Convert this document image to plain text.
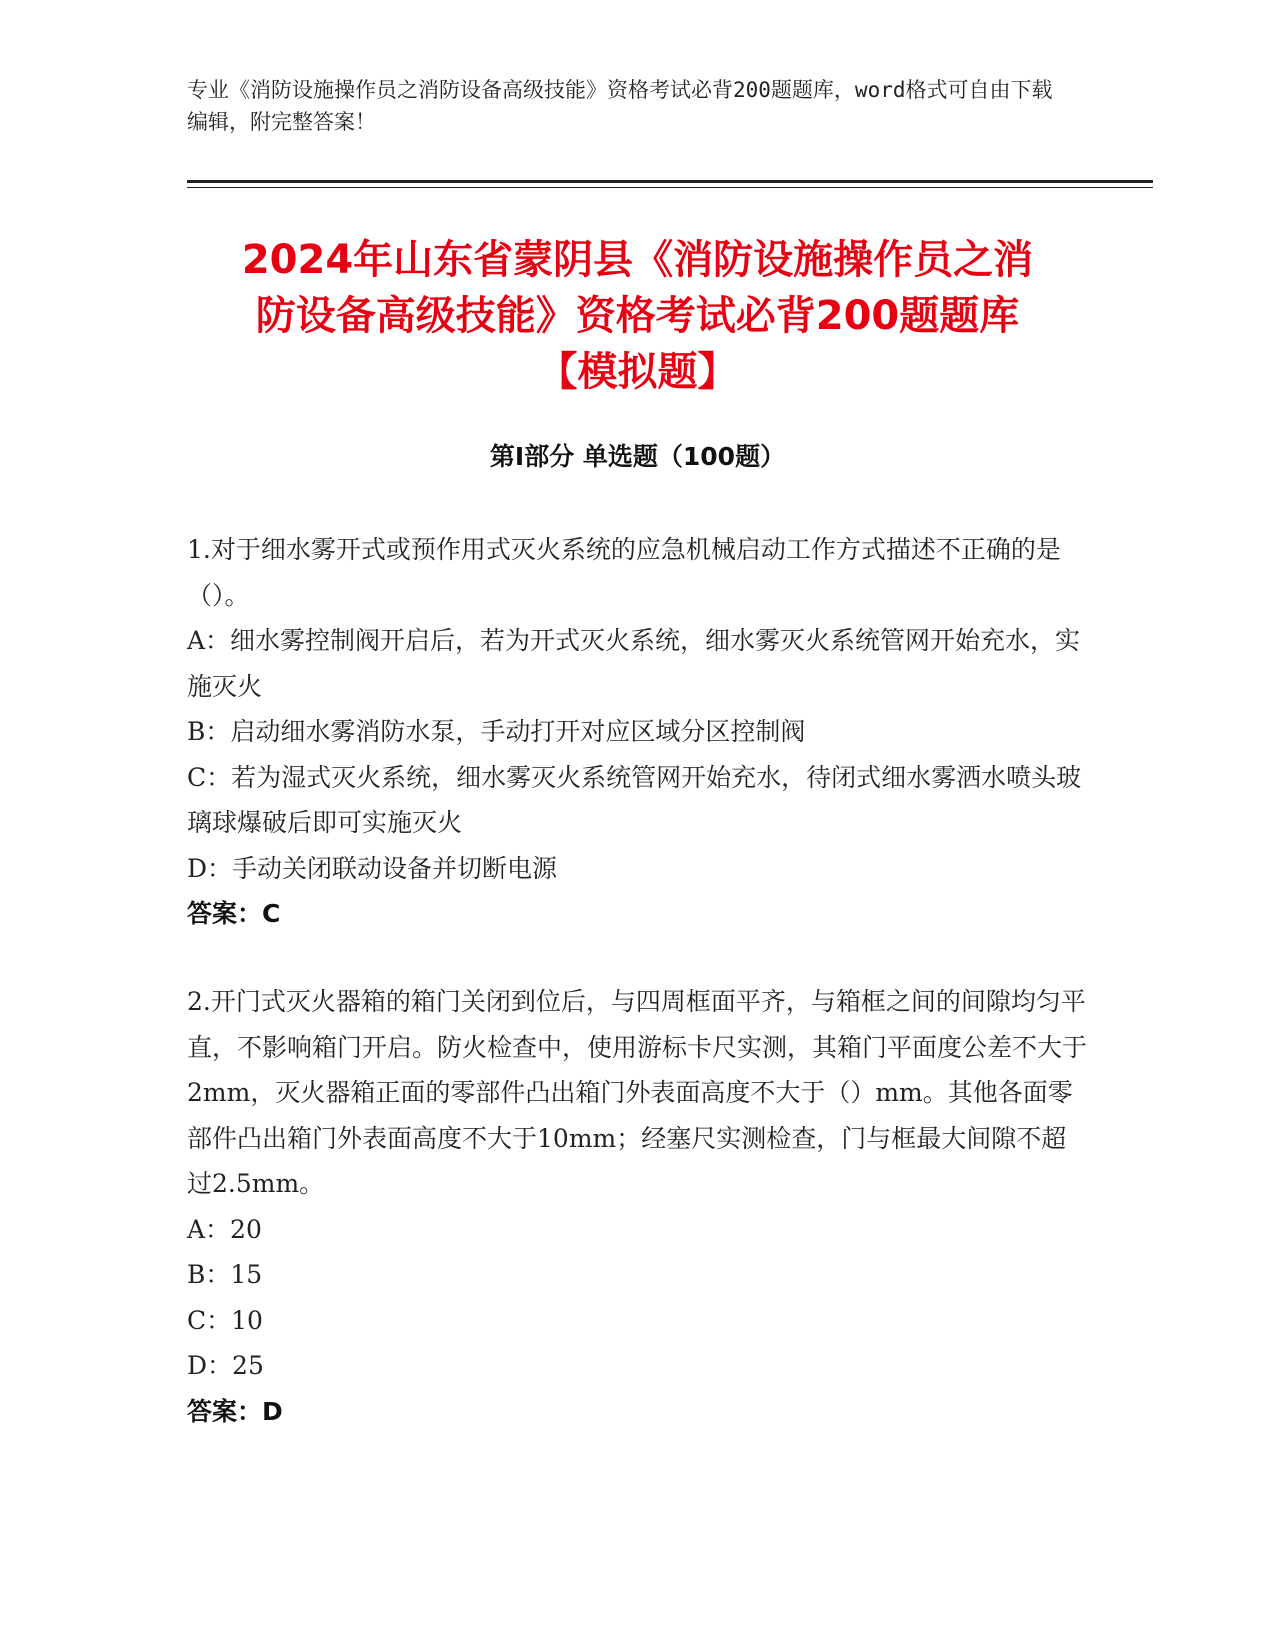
专业《消防设施操作员之消防设备高级技能》资格考试必背200题题库，word格式可自由下载编辑，附完整答案！
2024年山东省蒙阴县《消防设施操作员之消
防设备高级技能》资格考试必背200题题库
【模拟题】
第Ⅰ部分 单选题（100题）

1.对于细水雾开式或预作用式灭火系统的应急机械启动工作方式描述不正确的是（）。

A：细水雾控制阀开启后，若为开式灭火系统，细水雾灭火系统管网开始充水，实施灭火

B：启动细水雾消防水泵，手动打开对应区域分区控制阀

C：若为湿式灭火系统，细水雾灭火系统管网开始充水，待闭式细水雾洒水喷头玻璃球爆破后即可实施灭火

D：手动关闭联动设备并切断电源

答案：C

2.开门式灭火器箱的箱门关闭到位后，与四周框面平齐，与箱框之间的间隙均匀平直，不影响箱门开启。防火检查中，使用游标卡尺实测，其箱门平面度公差不大于2mm，灭火器箱正面的零部件凸出箱门外表面高度不大于（）mm。其他各面零部件凸出箱门外表面高度不大于10mm；经塞尺实测检查，门与框最大间隙不超过2.5mm。

A：20

B：15

C：10

D：25

答案：D
